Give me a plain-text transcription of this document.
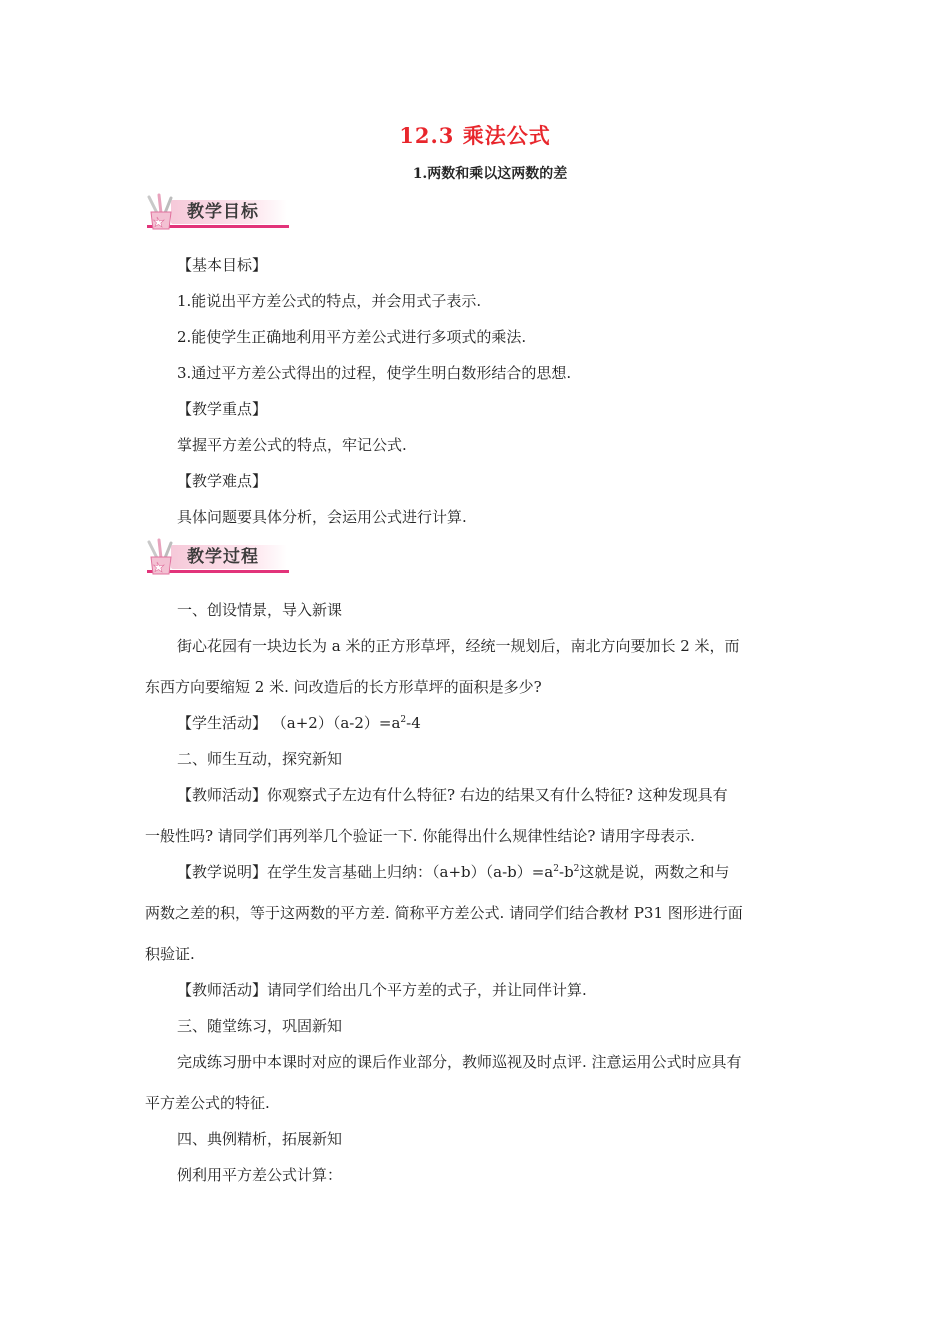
12.3 乘法公式
1.两数和乘以这两数的差
教学目标
【基本目标】
1.能说出平方差公式的特点，并会用式子表示.
2.能使学生正确地利用平方差公式进行多项式的乘法.
3.通过平方差公式得出的过程，使学生明白数形结合的思想.
【教学重点】
掌握平方差公式的特点，牢记公式.
【教学难点】
具体问题要具体分析，会运用公式进行计算.
教学过程
一、创设情景，导入新课
街心花园有一块边长为 a 米的正方形草坪，经统一规划后，南北方向要加长 2 米，而
东西方向要缩短 2 米. 问改造后的长方形草坪的面积是多少?
【学生活动】 $(a+2)(a-2)=a^2-4$
二、师生互动，探究新知
【教师活动】你观察式子左边有什么特征? 右边的结果又有什么特征? 这种发现具有
一般性吗? 请同学们再列举几个验证一下. 你能得出什么规律性结论? 请用字母表示.
【教学说明】在学生发言基础上归纳：$(a+b)(a-b)=a^2-b^2$这就是说，两数之和与
两数之差的积，等于这两数的平方差. 简称平方差公式. 请同学们结合教材 P31 图形进行面
积验证.
【教师活动】请同学们给出几个平方差的式子，并让同伴计算.
三、随堂练习，巩固新知
完成练习册中本课时对应的课后作业部分，教师巡视及时点评. 注意运用公式时应具有
平方差公式的特征.
四、典例精析，拓展新知
例利用平方差公式计算：
